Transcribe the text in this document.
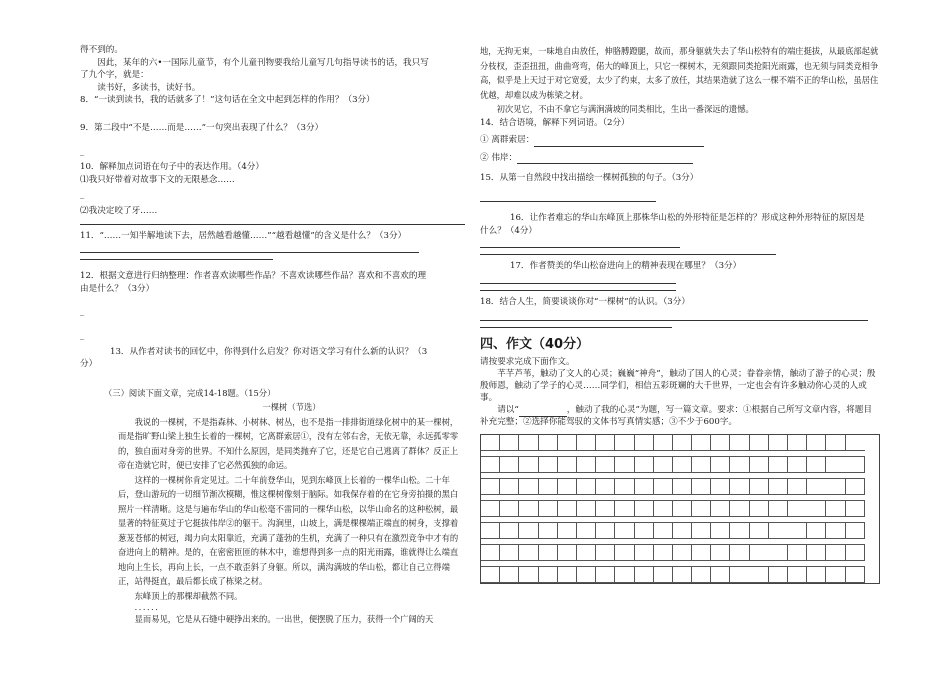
得不到的。

因此，某年的六•一国际儿童节，有个儿童刊物要我给儿童写几句指导读书的话，我只写

了九个字，就是：

读书好，多读书，读好书。

8．“一读到读书，我的话就多了！”这句话在全文中起到怎样的作用？（3分）

9．第二段中“不是……而是……”一句突出表现了什么？（3分）

_

10．解释加点词语在句子中的表达作用。（4分）

⑴我只好带着对故事下文的无限悬念……

_

⑵我决定咬了牙……

11．“……一知半解地读下去，居然越看越懂……”“越看越懂”的含义是什么？（3分）

12．根据文意进行归纳整理：作者喜欢读哪些作品？不喜欢读哪些作品？喜欢和不喜欢的理

由是什么？（3分）

_

_

13．从作者对读书的回忆中，你得到什么启发？你对语文学习有什么新的认识？（3

分）

（三）阅读下面文章，完成14-18题。（15分）

一棵树（节选）

我说的一棵树，不是指森林、小树林、树丛，也不是指一排排街道绿化树中的某一棵树，而是指旷野山梁上独生长着的一棵树，它离群索居①，没有左邻右舍，无依无靠，永远孤零零的，独自面对身旁的世界。不知什么原因，是同类抛弃了它，还是它自己逃离了群体？反正上帝在造就它时，便已安排了它必然孤独的命运。

这样的一棵树你肯定见过。二十年前登华山，见到东峰顶上长着的一棵华山松。二十年后，登山游玩的一切细节渐次模糊，惟这棵树像刻于脑际。如我保存着的在它身旁拍摄的黑白照片一样清晰。这是与遍布华山的华山松毫不雷同的一棵华山松，以华山命名的这种松树，最显著的特征莫过于它挺拔伟岸②的躯干。沟涧里，山坡上，满是棵棵端正端直的树身，支撑着葱茏苍郁的树冠，竭力向太阳靠近，充满了蓬勃的生机，充满了一种只有在激烈竞争中才有的奋进向上的精神。是的，在密密匝匝的林木中，谁想得到多一点的阳光雨露，谁就得让么端直地向上生长，再向上长，一点不敢歪斜了身躯。所以，满沟满坡的华山松，都让自己立得端正，站得挺直，最后都长成了栋梁之材。

东峰顶上的那棵却截然不同。

．．．．．．

显而易见，它是从石缝中硬挣出来的。一出世，便摆脱了压力，获得一个广阔的天

地，无拘无束，一味地自由放任，伸胳膊蹬腿，故而，那身躯就失去了华山松特有的端庄挺拔，从最底部起就分枝杈，歪歪扭扭，曲曲弯弯，偌大的峰顶上，只它一棵树木，无须跟同类抢阳光雨露，也无须与同类竞相争高，似乎是上天过于对它宽爱，太少了约束，太多了放任，其结果造就了这么一棵不端不正的华山松，虽居住优越，却难以成为栋梁之材。

初次见它，不由不拿它与满涧满坡的同类相比，生出一番深远的遗憾。

14．结合语境，解释下列词语。（2分）

① 离群索居：

② 伟岸：

15．从第一自然段中找出描绘一棵树孤独的句子。（3分）

16．让作者难忘的华山东峰顶上那株华山松的外形特征是怎样的？形成这种外形特征的原因是

什么？（4分）

17．作者赞美的华山松奋进向上的精神表现在哪里？（3分）

18．结合人生，简要谈谈你对“一棵树”的认识。（3分）

四、作文（40分）

请按要求完成下面作文。

芊芊芦苇，触动了文人的心灵；巍巍“神舟”，触动了国人的心灵；眷眷亲情，触动了游子的心灵；殷殷师恩，触动了学子的心灵……同学们，相信五彩斑斓的大千世界，一定也会有许多触动你心灵的人或事。

请以“	，触动了我的心灵”为题，写一篇文章。要求：①根据自己所写文章内容，将题目补充完整；②选择你能驾驭的文体书写真情实感；③不少于600字。
